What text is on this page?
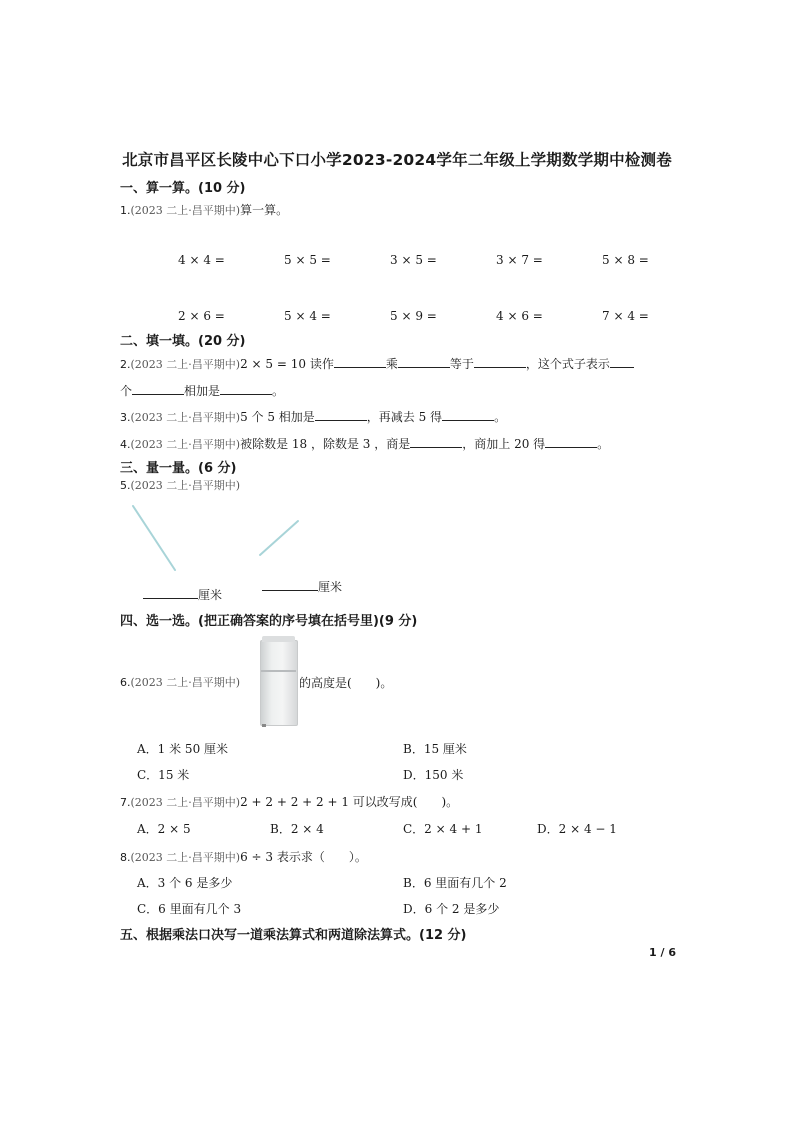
北京市昌平区长陵中心下口小学2023-2024学年二年级上学期数学期中检测卷
一、算一算。(10 分)
1.(2023 二上·昌平期中)算一算。
4 × 4 =	5 × 5 =	3 × 5 =	3 × 7 =	5 × 8 =
2 × 6 =	5 × 4 =	5 × 9 =	4 × 6 =	7 × 4 =
二、填一填。(20 分)
2.(2023 二上·昌平期中)2 × 5 = 10 读作	乘	等于	，这个式子表示
个	相加是	。
3.(2023 二上·昌平期中)5 个 5 相加是	，再减去 5 得	。
4.(2023 二上·昌平期中)被除数是 18 ，除数是 3 ，商是	，商加上 20 得	。
三、量一量。(6 分)
5.(2023 二上·昌平期中)
厘米
厘米
四、选一选。(把正确答案的序号填在括号里)(9 分)
6.(2023 二上·昌平期中)	的高度是(　　)。
A．1 米 50 厘米	B．15 厘米
C．15 米	D．150 米
7.(2023 二上·昌平期中)2 + 2 + 2 + 2 + 1 可以改写成(　　)。
A．2 × 5	B．2 × 4	C．2 × 4 + 1	D．2 × 4 − 1
8.(2023 二上·昌平期中)6 ÷ 3 表示求（　　）。
A．3 个 6 是多少	B．6 里面有几个 2
C．6 里面有几个 3	D．6 个 2 是多少
五、根据乘法口决写一道乘法算式和两道除法算式。(12 分)
1 / 6
